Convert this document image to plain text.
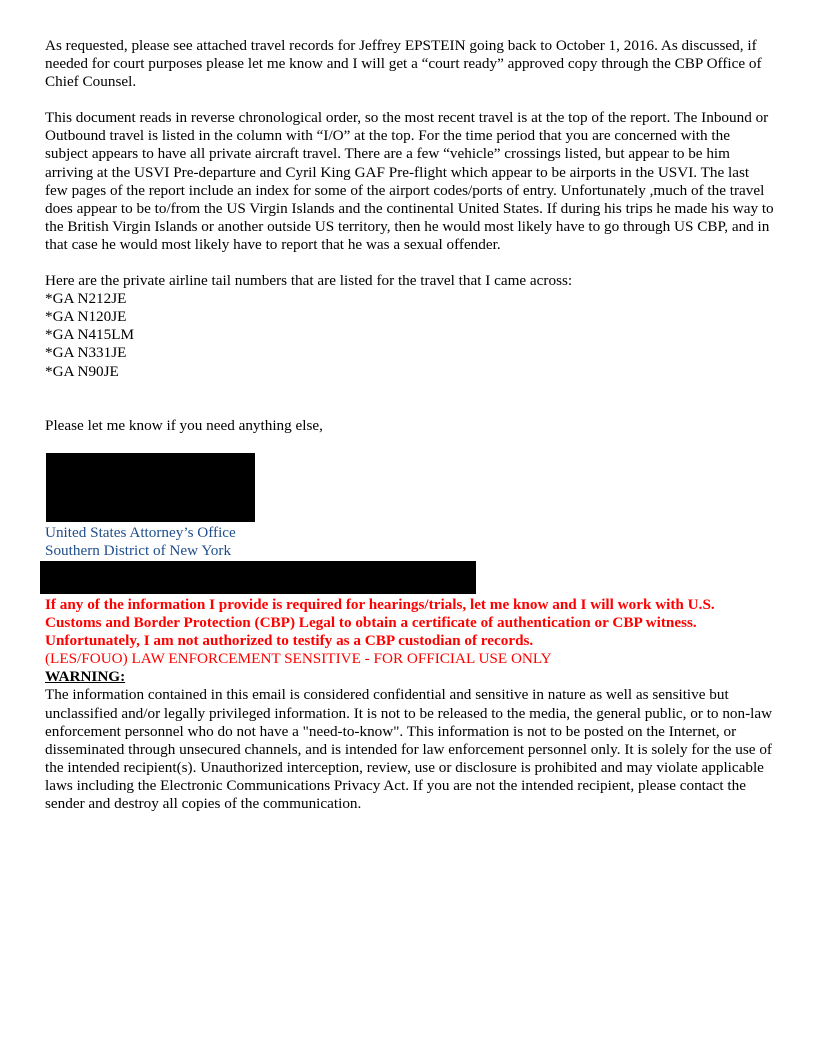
As requested, please see attached travel records for Jeffrey EPSTEIN going back to October 1, 2016. As discussed, if needed for court purposes please let me know and I will get a “court ready” approved copy through the CBP Office of Chief Counsel.

This document reads in reverse chronological order, so the most recent travel is at the top of the report. The Inbound or Outbound travel is listed in the column with “I/O” at the top. For the time period that you are concerned with the subject appears to have all private aircraft travel. There are a few “vehicle” crossings listed, but appear to be him arriving at the USVI Pre-departure and Cyril King GAF Pre-flight which appear to be airports in the USVI. The last few pages of the report include an index for some of the airport codes/ports of entry. Unfortunately ,much of the travel does appear to be to/from the US Virgin Islands and the continental United States. If during his trips he made his way to the British Virgin Islands or another outside US territory, then he would most likely have to go through US CBP, and in that case he would most likely have to report that he was a sexual offender.

Here are the private airline tail numbers that are listed for the travel that I came across:

*GA N212JE
*GA N120JE
*GA N415LM
*GA N331JE
*GA N90JE

Please let me know if you need anything else,

United States Attorney’s Office
Southern District of New York

If any of the information I provide is required for hearings/trials, let me know and I will work with U.S. Customs and Border Protection (CBP) Legal to obtain a certificate of authentication or CBP witness. Unfortunately, I am not authorized to testify as a CBP custodian of records.

(LES/FOUO) LAW ENFORCEMENT SENSITIVE - FOR OFFICIAL USE ONLY

WARNING:

The information contained in this email is considered confidential and sensitive in nature as well as sensitive but unclassified and/or legally privileged information. It is not to be released to the media, the general public, or to non-law enforcement personnel who do not have a "need-to-know". This information is not to be posted on the Internet, or disseminated through unsecured channels, and is intended for law enforcement personnel only. It is solely for the use of the intended recipient(s). Unauthorized interception, review, use or disclosure is prohibited and may violate applicable laws including the Electronic Communications Privacy Act. If you are not the intended recipient, please contact the sender and destroy all copies of the communication.
